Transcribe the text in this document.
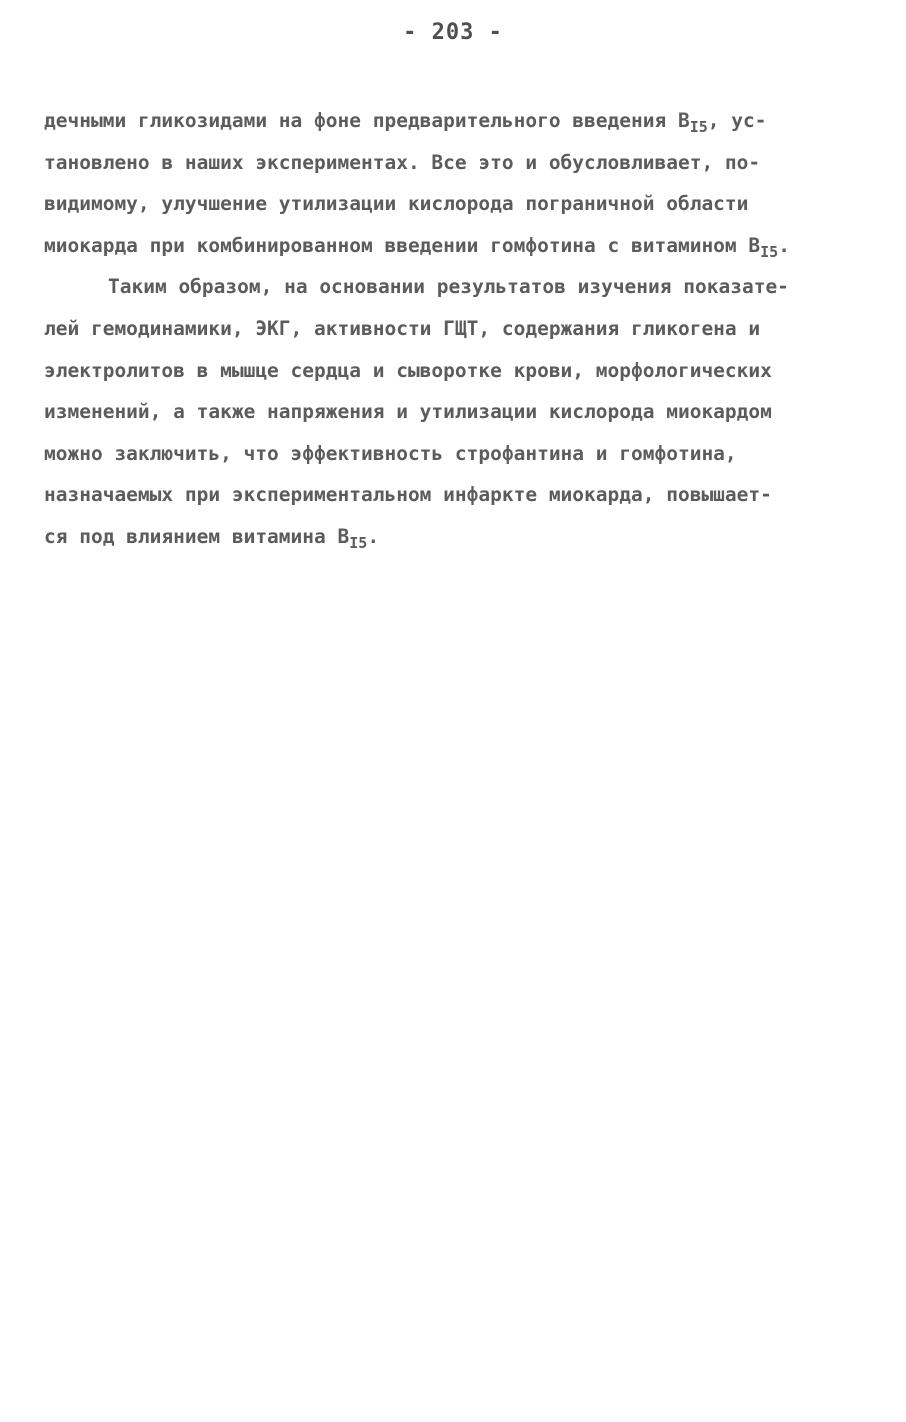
- 203 -
дечными гликозидами на фоне предварительного введения $B_{I5}$, ус-
тановлено в наших экспериментах. Все это и обусловливает, по-
видимому, улучшение утилизации кислорода пограничной области
миокарда при комбинированном введении гомфотина с витамином $B_{I5}$.
Таким образом, на основании результатов изучения показате-
лей гемодинамики, ЭКГ, активности ГЩТ, содержания гликогена и
электролитов в мышце сердца и сыворотке крови, морфологических
изменений, а также напряжения и утилизации кислорода миокардом
можно заключить, что эффективность строфантина и гомфотина,
назначаемых при экспериментальном инфаркте миокарда, повышает-
ся под влиянием витамина $B_{I5}$.
